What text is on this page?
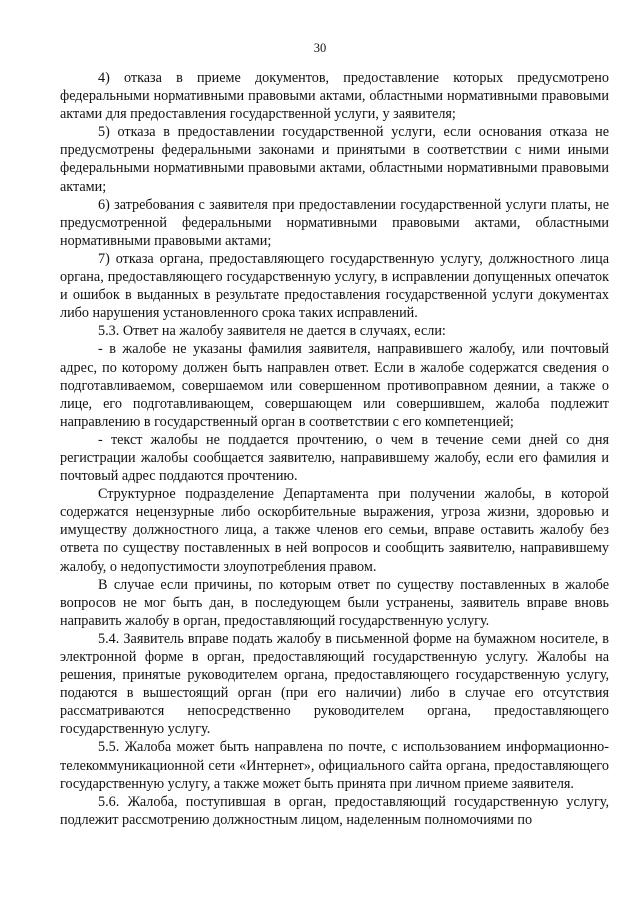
30

4) отказа в приеме документов, предоставление которых предусмотрено федеральными нормативными правовыми актами, областными нормативными правовыми актами для предоставления государственной услуги, у заявителя;

5) отказа в предоставлении государственной услуги, если основания отказа не предусмотрены федеральными законами и принятыми в соответствии с ними иными федеральными нормативными правовыми актами, областными нормативными правовыми актами;

6) затребования с заявителя при предоставлении государственной услуги платы, не предусмотренной федеральными нормативными правовыми актами, областными нормативными правовыми актами;

7) отказа органа, предоставляющего государственную услугу, должностного лица органа, предоставляющего государственную услугу, в исправлении допущенных опечаток и ошибок в выданных в результате предоставления государственной услуги документах либо нарушения установленного срока таких исправлений.

5.3. Ответ на жалобу заявителя не дается в случаях, если:

- в жалобе не указаны фамилия заявителя, направившего жалобу, или почтовый адрес, по которому должен быть направлен ответ. Если в жалобе содержатся сведения о подготавливаемом, совершаемом или совершенном противоправном деянии, а также о лице, его подготавливающем, совершающем или совершившем, жалоба подлежит направлению в государственный орган в соответствии с его компетенцией;

- текст жалобы не поддается прочтению, о чем в течение семи дней со дня регистрации жалобы сообщается заявителю, направившему жалобу, если его фамилия и почтовый адрес поддаются прочтению.

Структурное подразделение Департамента при получении жалобы, в которой содержатся нецензурные либо оскорбительные выражения, угроза жизни, здоровью и имуществу должностного лица, а также членов его семьи, вправе оставить жалобу без ответа по существу поставленных в ней вопросов и сообщить заявителю, направившему жалобу, о недопустимости злоупотребления правом.

В случае если причины, по которым ответ по существу поставленных в жалобе вопросов не мог быть дан, в последующем были устранены, заявитель вправе вновь направить жалобу в орган, предоставляющий государственную услугу.

5.4. Заявитель вправе подать жалобу в письменной форме на бумажном носителе, в электронной форме в орган, предоставляющий государственную услугу. Жалобы на решения, принятые руководителем органа, предоставляющего государственную услугу, подаются в вышестоящий орган (при его наличии) либо в случае его отсутствия рассматриваются непосредственно руководителем органа, предоставляющего государственную услугу.

5.5. Жалоба может быть направлена по почте, с использованием информационно-телекоммуникационной сети «Интернет», официального сайта органа, предоставляющего государственную услугу, а также может быть принята при личном приеме заявителя.

5.6. Жалоба, поступившая в орган, предоставляющий государственную услугу, подлежит рассмотрению должностным лицом, наделенным полномочиями по
